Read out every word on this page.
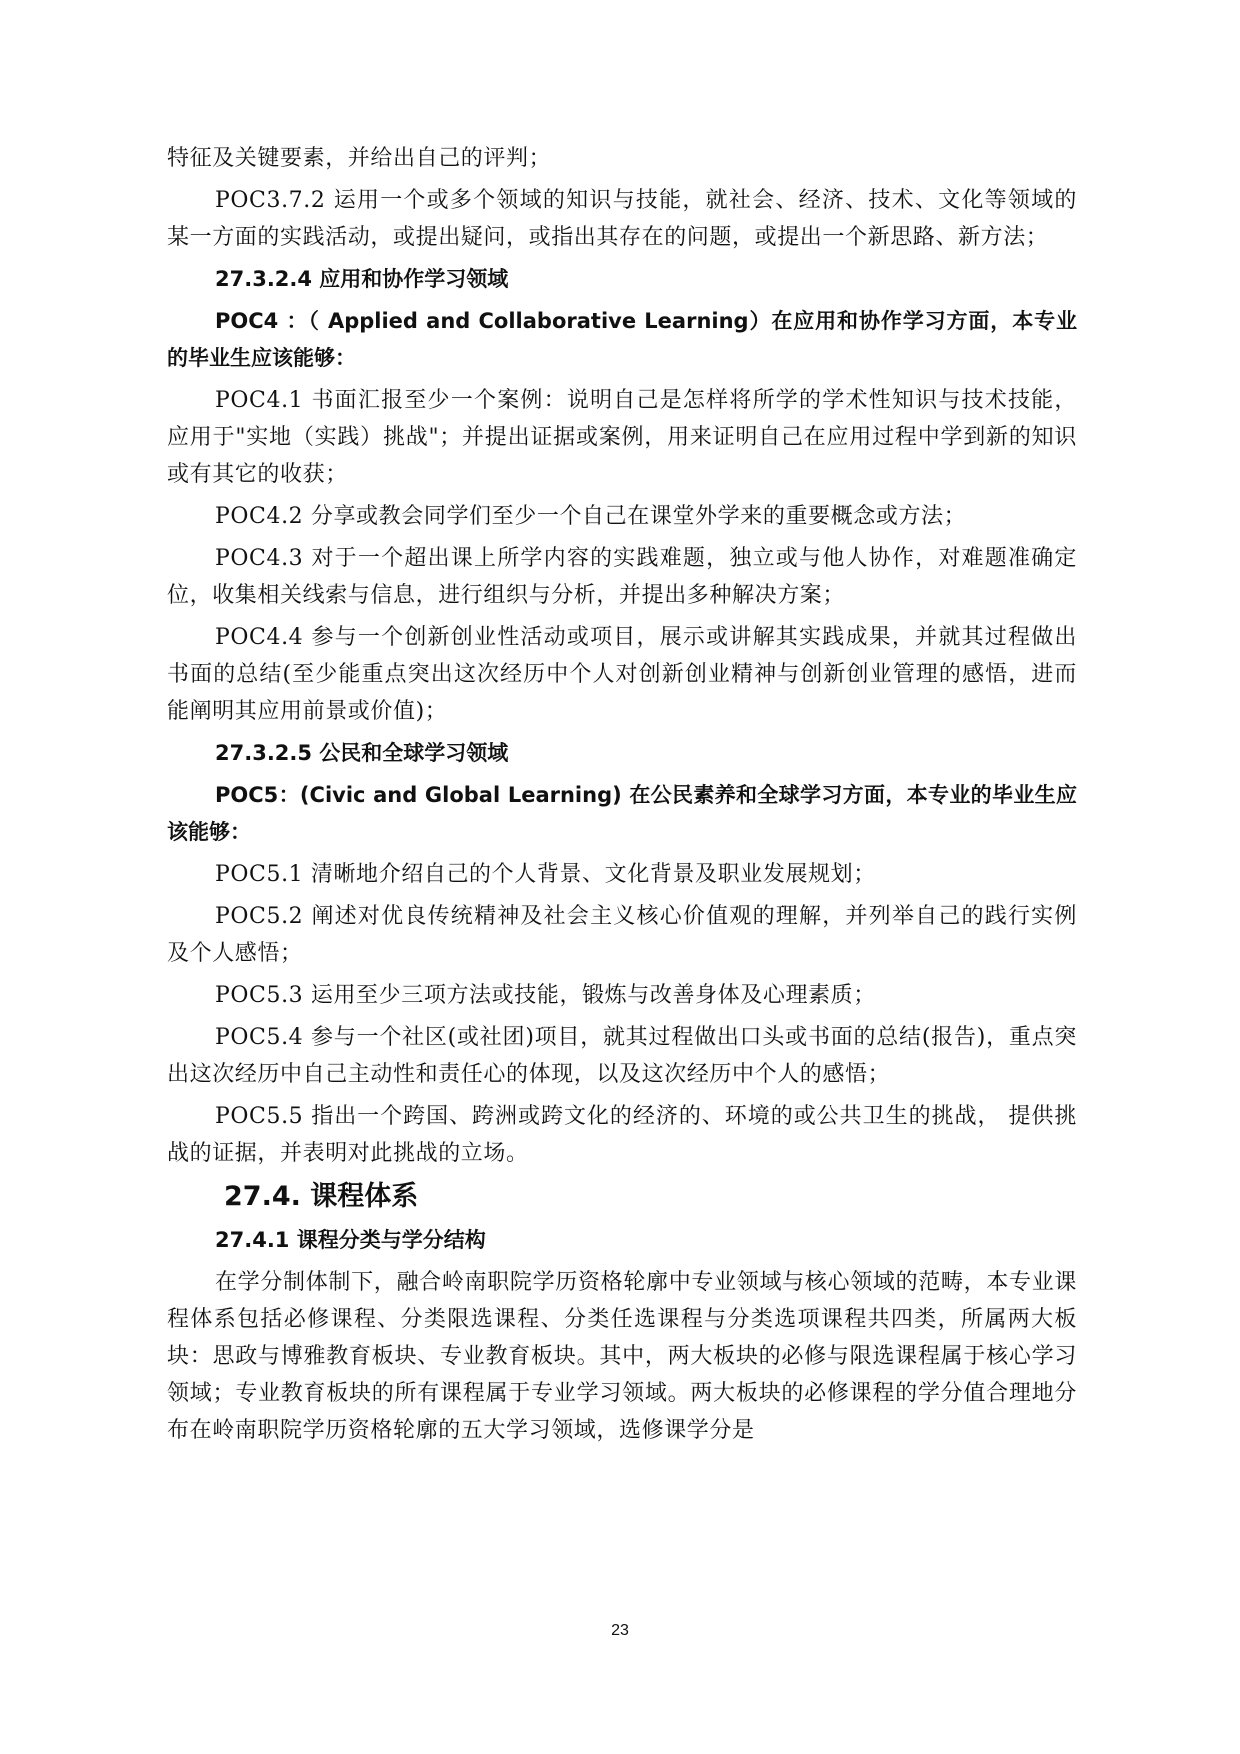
特征及关键要素，并给出自己的评判；

POC3.7.2 运用一个或多个领域的知识与技能，就社会、经济、技术、文化等领域的某一方面的实践活动，或提出疑问，或指出其存在的问题，或提出一个新思路、新方法；

27.3.2.4 应用和协作学习领域

POC4 ：（ Applied and Collaborative Learning）在应用和协作学习方面，本专业的毕业生应该能够：

POC4.1 书面汇报至少一个案例：说明自己是怎样将所学的学术性知识与技术技能，应用于"实地（实践）挑战"；并提出证据或案例，用来证明自己在应用过程中学到新的知识或有其它的收获；

POC4.2 分享或教会同学们至少一个自己在课堂外学来的重要概念或方法；

POC4.3 对于一个超出课上所学内容的实践难题，独立或与他人协作，对难题准确定位，收集相关线索与信息，进行组织与分析，并提出多种解决方案；

POC4.4 参与一个创新创业性活动或项目，展示或讲解其实践成果，并就其过程做出书面的总结(至少能重点突出这次经历中个人对创新创业精神与创新创业管理的感悟，进而能阐明其应用前景或价值)；

27.3.2.5 公民和全球学习领域

POC5：(Civic and Global Learning) 在公民素养和全球学习方面，本专业的毕业生应该能够：

POC5.1 清晰地介绍自己的个人背景、文化背景及职业发展规划；

POC5.2 阐述对优良传统精神及社会主义核心价值观的理解，并列举自己的践行实例及个人感悟；

POC5.3 运用至少三项方法或技能，锻炼与改善身体及心理素质；

POC5.4 参与一个社区(或社团)项目，就其过程做出口头或书面的总结(报告)，重点突出这次经历中自己主动性和责任心的体现，以及这次经历中个人的感悟；

POC5.5 指出一个跨国、跨洲或跨文化的经济的、环境的或公共卫生的挑战， 提供挑战的证据，并表明对此挑战的立场。

27.4. 课程体系

27.4.1 课程分类与学分结构

在学分制体制下，融合岭南职院学历资格轮廓中专业领域与核心领域的范畴，本专业课程体系包括必修课程、分类限选课程、分类任选课程与分类选项课程共四类，所属两大板块：思政与博雅教育板块、专业教育板块。其中，两大板块的必修与限选课程属于核心学习领域；专业教育板块的所有课程属于专业学习领域。两大板块的必修课程的学分值合理地分布在岭南职院学历资格轮廓的五大学习领域，选修课学分是

23
